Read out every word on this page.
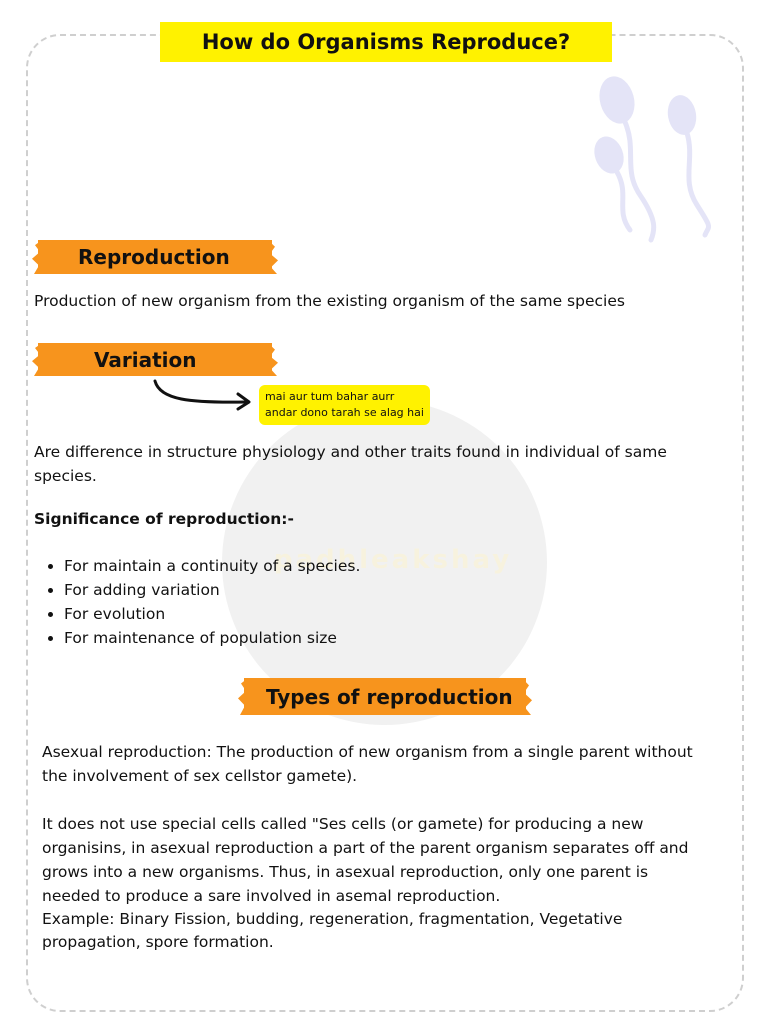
padhleakshay
How do Organisms Reproduce?
Reproduction

Production of new organism from the existing organism of the same species

Variation
mai aur tum bahar aurr
andar dono tarah se alag hai

Are difference in structure physiology and other traits found in individual of same

species.

Significance of reproduction:-

• For maintain a continuity of a species.
• For adding variation
• For evolution
• For maintenance of population size
Types of reproduction

Asexual reproduction: The production of new organism from a single parent without

the involvement of sex cellstor gamete).

It does not use special cells called "Ses cells (or gamete) for producing a new

organisins, in asexual reproduction a part of the parent organism separates off and

grows into a new organisms. Thus, in asexual reproduction, only one parent is

needed to produce a sare involved in asemal reproduction.

Example: Binary Fission, budding, regeneration, fragmentation, Vegetative

propagation, spore formation.
